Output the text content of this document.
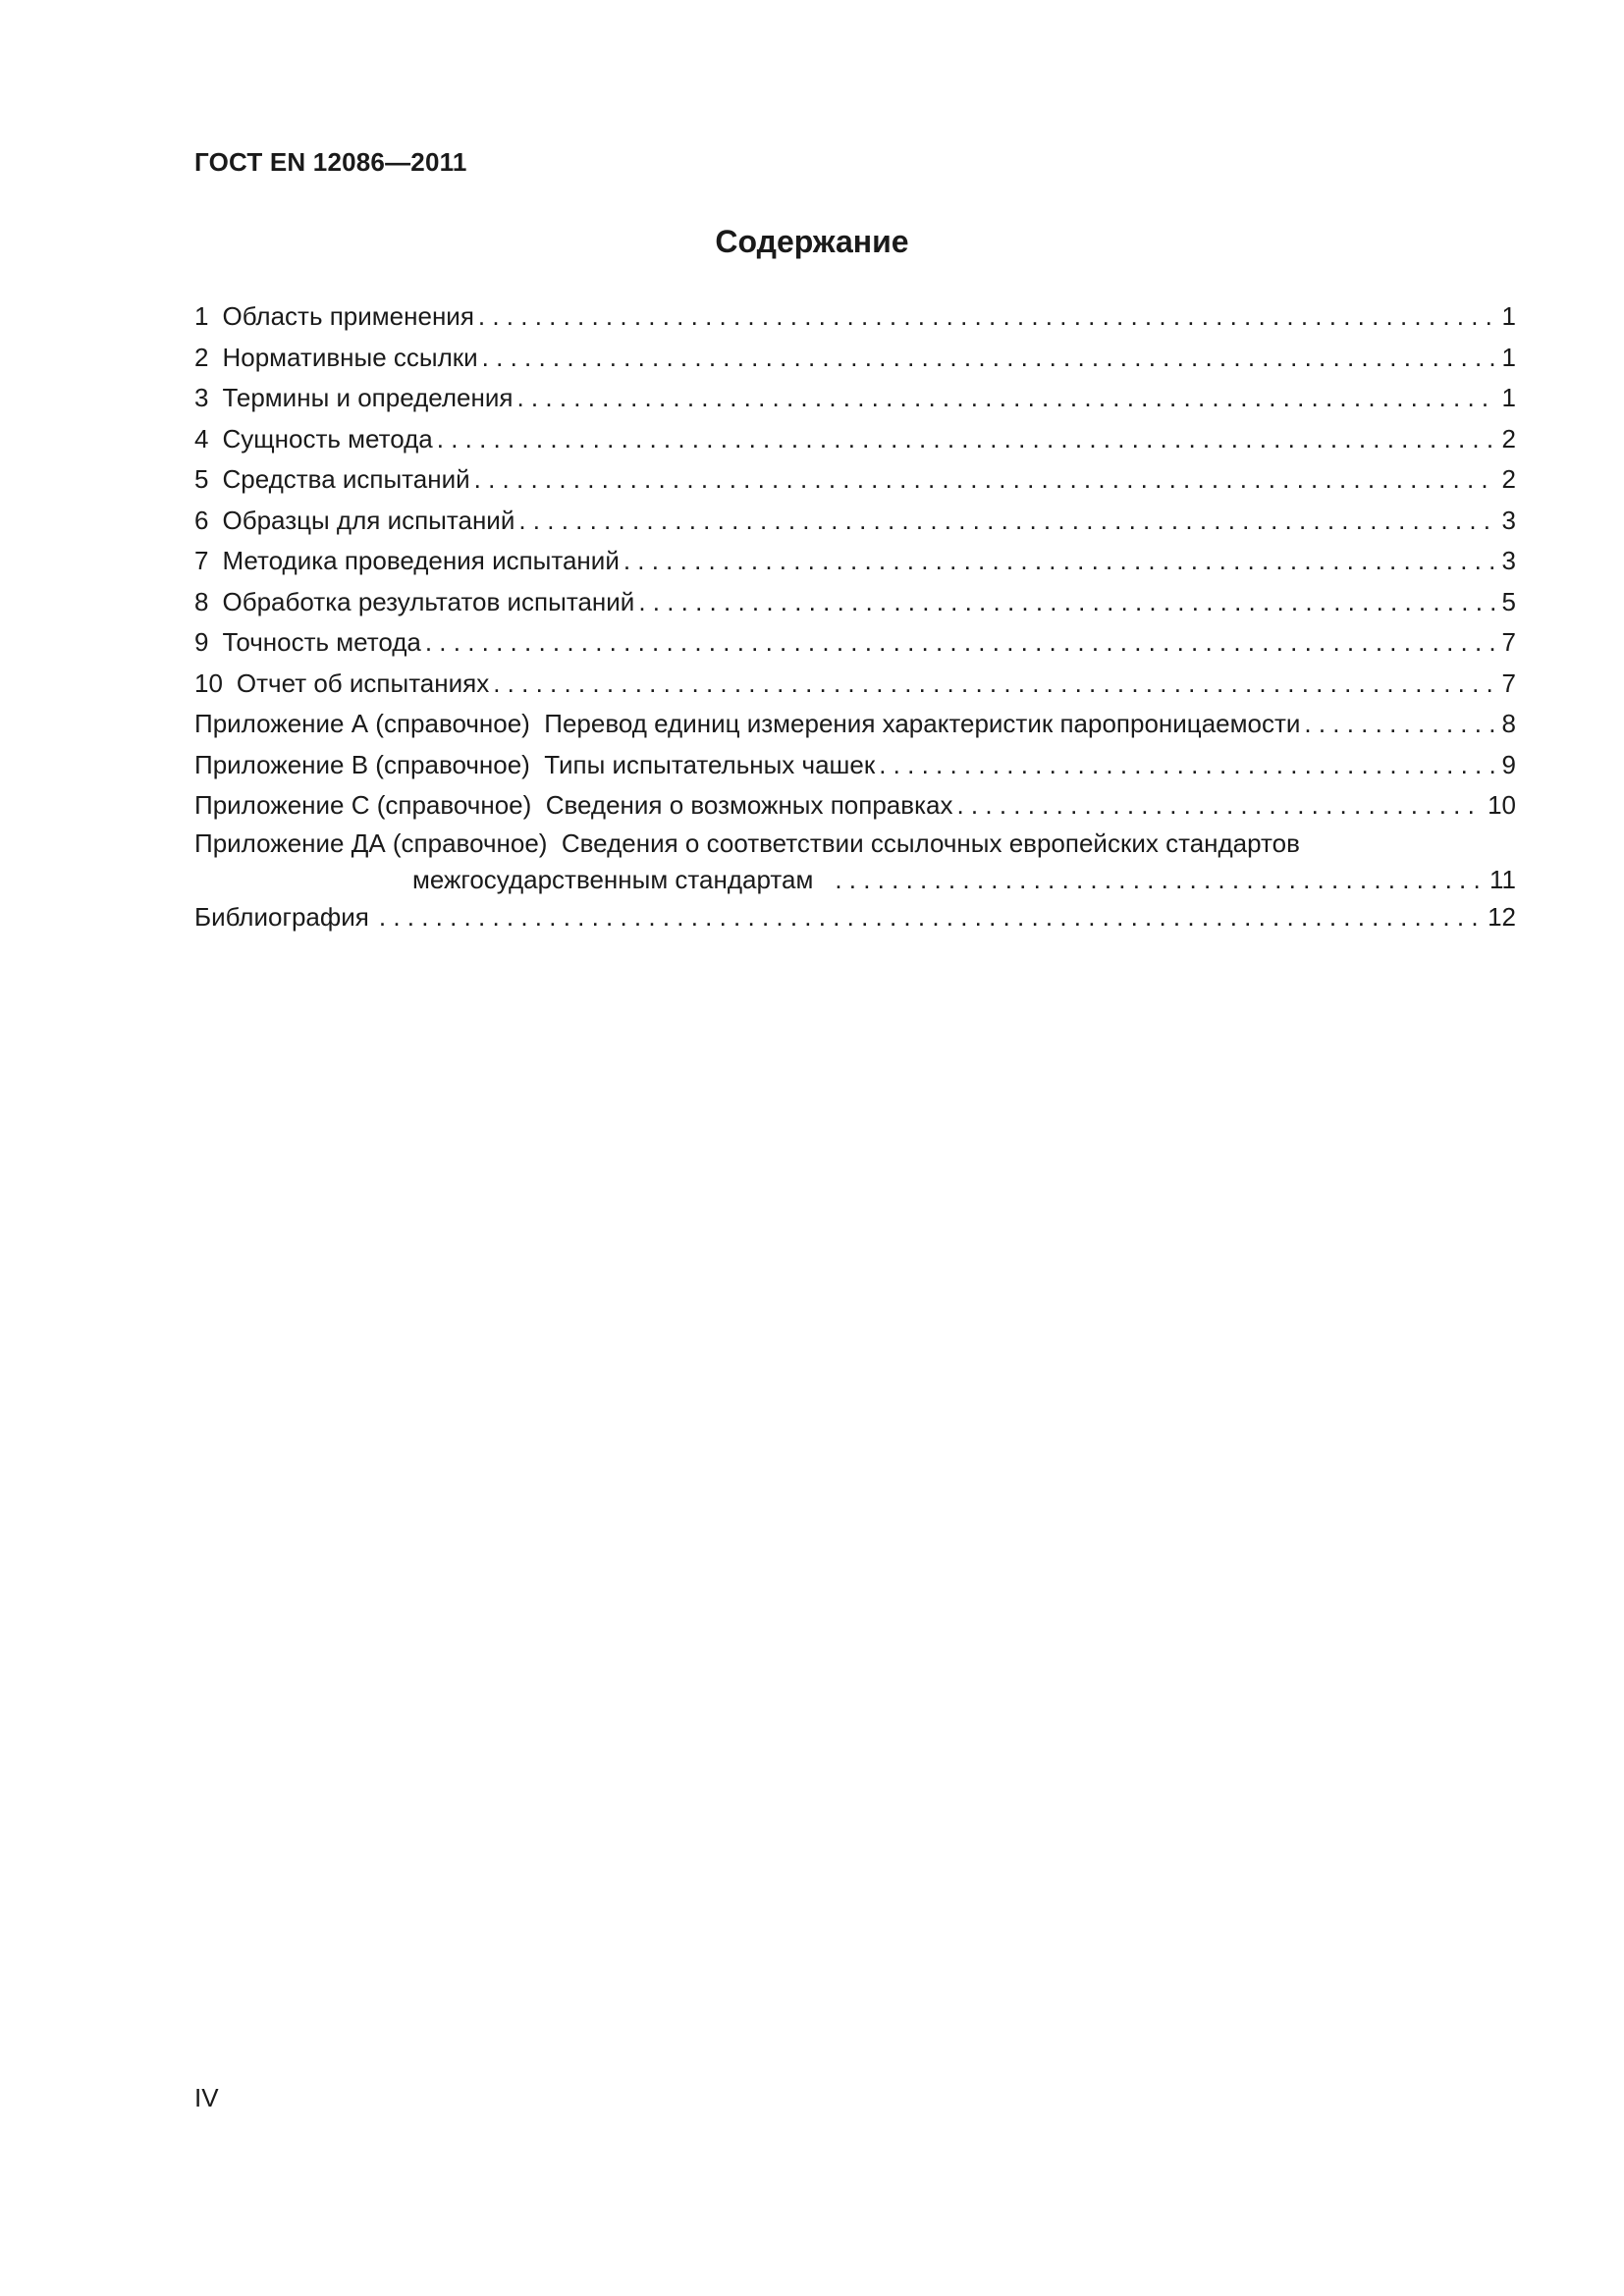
ГОСТ EN 12086—2011
Содержание
1 Область применения . . .	1
2 Нормативные ссылки . . .	1
3 Термины и определения . . .	1
4 Сущность метода . . .	2
5 Средства испытаний . . .	2
6 Образцы для испытаний . . .	3
7 Методика проведения испытаний . . .	3
8 Обработка результатов испытаний . . .	5
9 Точность метода . . .	7
10 Отчет об испытаниях . . .	7
Приложение А (справочное)  Перевод единиц измерения характеристик паропроницаемости . . .	8
Приложение В (справочное)  Типы испытательных чашек . . .	9
Приложение С (справочное)  Сведения о возможных поправках . . .	10
Приложение ДА (справочное)  Сведения о соответствии ссылочных европейских стандартов
межгосударственным стандартам . . .	11
Библиография . . .	12
IV
